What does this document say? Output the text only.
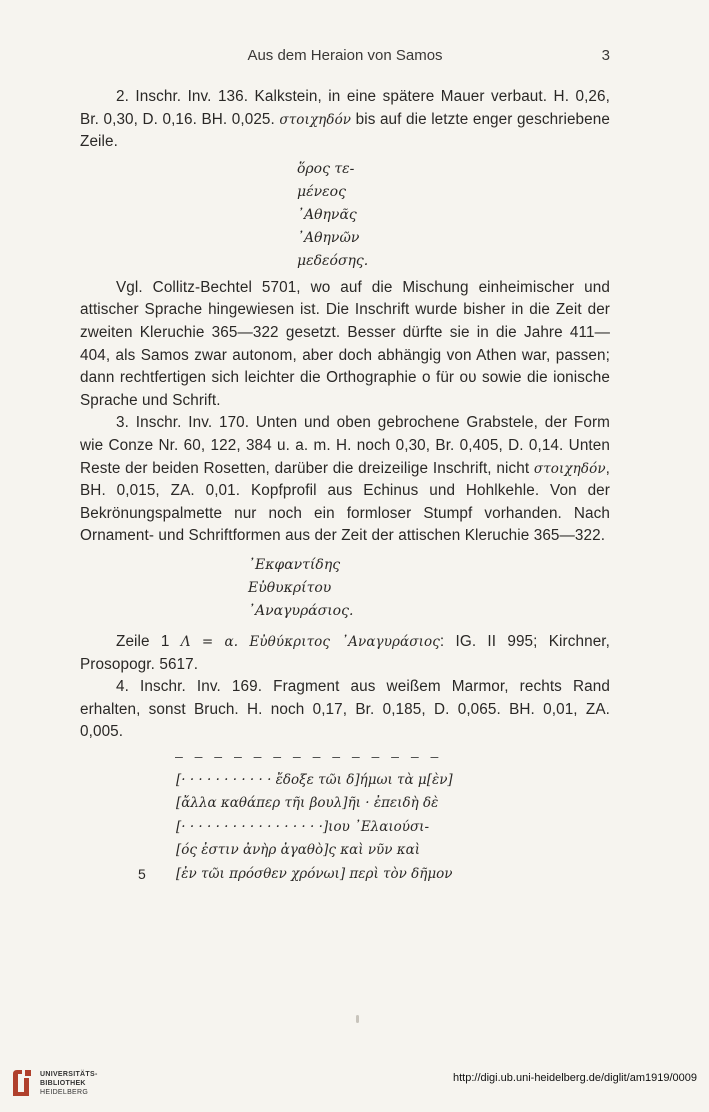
Aus dem Heraion von Samos	3

2. Inschr. Inv. 136. Kalkstein, in eine spätere Mauer verbaut. H. 0,26, Br. 0,30, D. 0,16. BH. 0,025. στοιχηδόν bis auf die letzte enger geschriebene Zeile.

ὅρος τε-
μένεος
᾿Αθηνᾶς
᾿Αθηνῶν
μεδεόσης.

Vgl. Collitz-Bechtel 5701, wo auf die Mischung einheimischer und attischer Sprache hingewiesen ist. Die Inschrift wurde bisher in die Zeit der zweiten Kleruchie 365—322 gesetzt. Besser dürfte sie in die Jahre 411—404, als Samos zwar autonom, aber doch abhängig von Athen war, passen; dann rechtfertigen sich leichter die Orthographie ο für ου sowie die ionische Sprache und Schrift.

3. Inschr. Inv. 170. Unten und oben gebrochene Grabstele, der Form wie Conze Nr. 60, 122, 384 u. a. m. H. noch 0,30, Br. 0,405, D. 0,14. Unten Reste der beiden Rosetten, darüber die dreizeilige Inschrift, nicht στοιχηδόν, BH. 0,015, ZA. 0,01. Kopfprofil aus Echinus und Hohlkehle. Von der Bekrönungspalmette nur noch ein formloser Stumpf vorhanden. Nach Ornament- und Schriftformen aus der Zeit der attischen Kleruchie 365—322.

᾿Εκφαντίδης
Εὐθυκρίτου
᾿Αναγυράσιος.

Zeile 1 Λ = α. Εὐθύκριτος ᾿Αναγυράσιος: IG. II 995; Kirchner, Prosopogr. 5617.

4. Inschr. Inv. 169. Fragment aus weißem Marmor, rechts Rand erhalten, sonst Bruch. H. noch 0,17, Br. 0,185, D. 0,065. BH. 0,01, ZA. 0,005.

— — — — — — — — — — — — — —
[· · · · · · · · · · · ἔδοξε τῶι δ]ήμωι τὰ μ[ὲν]
[ἄλλα καθάπερ τῆι βουλ]ῆι · ἐπειδὴ δὲ
[· · · · · · · · · · · · · · · · ·]ιου ᾿Ελαιούσι-
[ός ἐστιν ἀνὴρ ἀγαθὸ]ς καὶ νῦν καὶ
5 [ἐν τῶι πρόσθεν χρόνωι] περὶ τὸν δῆμον
UNIVERSITÄTS-
BIBLIOTHEK
HEIDELBERG
http://digi.ub.uni-heidelberg.de/diglit/am1919/0009
